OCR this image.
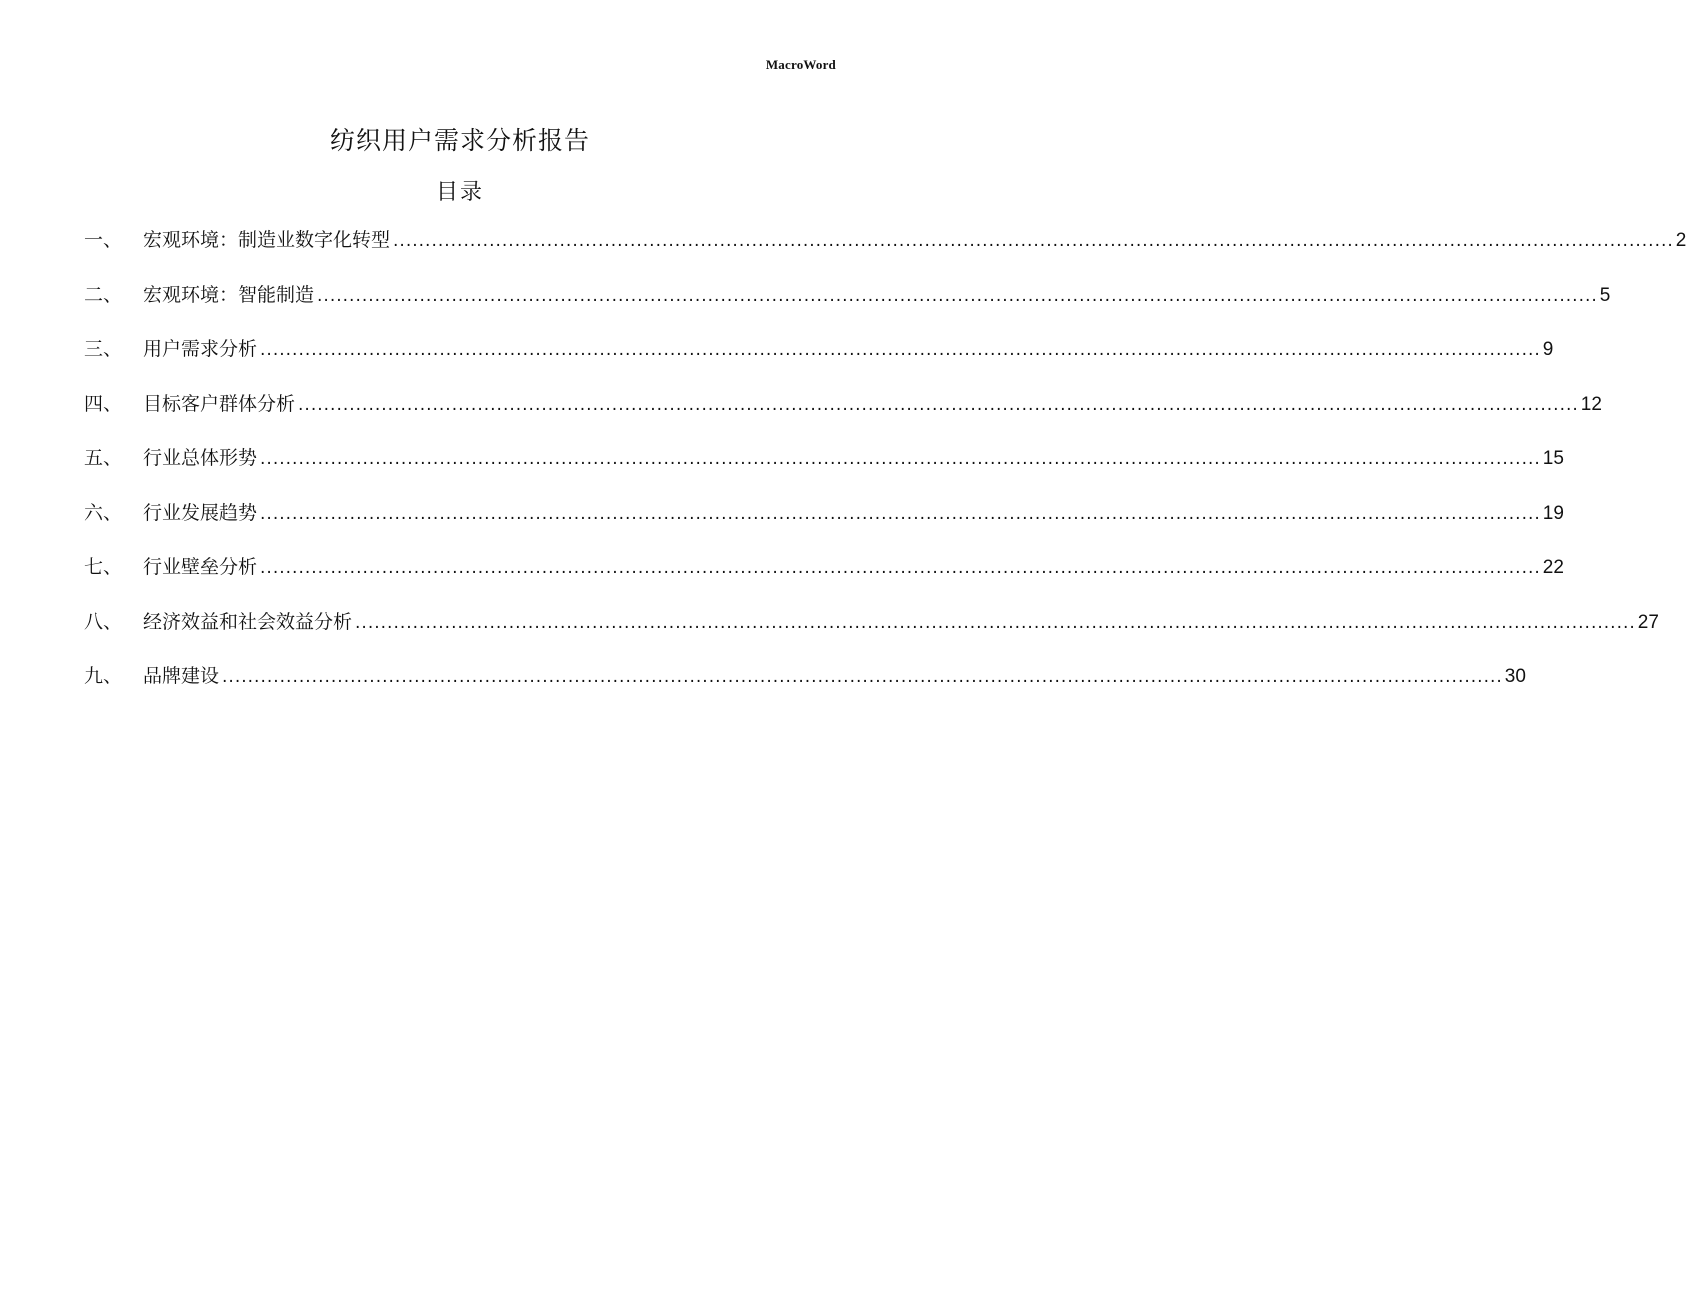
MacroWord
纺织用户需求分析报告
目录
一、	宏观环境：制造业数字化转型 ........................................................................................................................................................................................................ 2
二、	宏观环境：智能制造 ........................................................................................................................................................................................................ 5
三、	用户需求分析 ........................................................................................................................................................................................................ 9
四、	目标客户群体分析 ........................................................................................................................................................................................................ 12
五、	行业总体形势 ........................................................................................................................................................................................................ 15
六、	行业发展趋势 ........................................................................................................................................................................................................ 19
七、	行业壁垒分析 ........................................................................................................................................................................................................ 22
八、	经济效益和社会效益分析 ........................................................................................................................................................................................................ 27
九、	品牌建设 ........................................................................................................................................................................................................ 30
